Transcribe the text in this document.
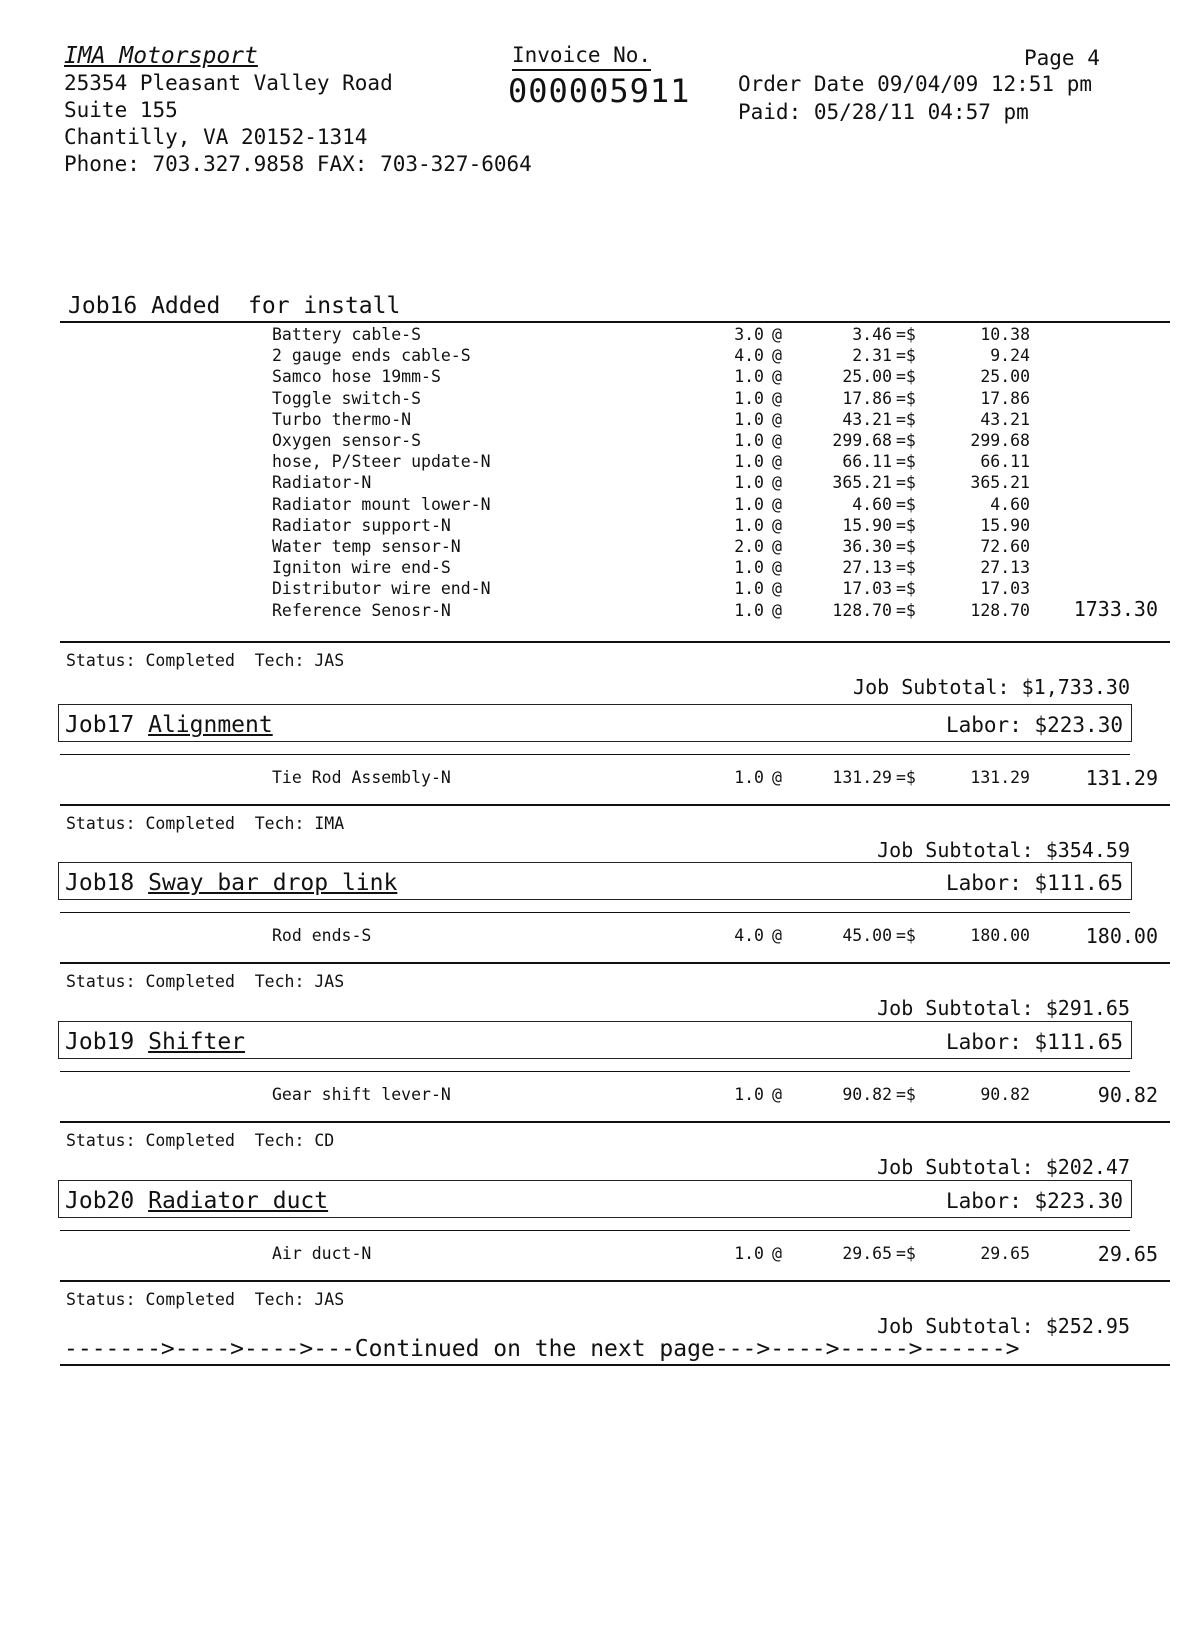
IMA Motorsport
25354 Pleasant Valley Road
Suite 155
Chantilly, VA 20152-1314
Phone: 703.327.9858 FAX: 703-327-6064
Invoice No.
000005911
Page 4
Order Date 09/04/09 12:51 pm
Paid: 05/28/11 04:57 pm
Job16 Added  for install
Battery cable-S	3.0 @	3.46 =$	10.38
2 gauge ends cable-S	4.0 @	2.31 =$	9.24
Samco hose 19mm-S	1.0 @	25.00 =$	25.00
Toggle switch-S	1.0 @	17.86 =$	17.86
Turbo thermo-N	1.0 @	43.21 =$	43.21
Oxygen sensor-S	1.0 @	299.68 =$	299.68
hose, P/Steer update-N	1.0 @	66.11 =$	66.11
Radiator-N	1.0 @	365.21 =$	365.21
Radiator mount lower-N	1.0 @	4.60 =$	4.60
Radiator support-N	1.0 @	15.90 =$	15.90
Water temp sensor-N	2.0 @	36.30 =$	72.60
Igniton wire end-S	1.0 @	27.13 =$	27.13
Distributor wire end-N	1.0 @	17.03 =$	17.03
Reference Senosr-N	1.0 @	128.70 =$	128.70	1733.30
Status: Completed  Tech: JAS
Job Subtotal: $1,733.30
Job17 Alignment	Labor: $223.30
Tie Rod Assembly-N	1.0 @	131.29 =$	131.29	131.29
Status: Completed  Tech: IMA
Job Subtotal: $354.59
Job18 Sway bar drop link	Labor: $111.65
Rod ends-S	4.0 @	45.00 =$	180.00	180.00
Status: Completed  Tech: JAS
Job Subtotal: $291.65
Job19 Shifter	Labor: $111.65
Gear shift lever-N	1.0 @	90.82 =$	90.82	90.82
Status: Completed  Tech: CD
Job Subtotal: $202.47
Job20 Radiator duct	Labor: $223.30
Air duct-N	1.0 @	29.65 =$	29.65	29.65
Status: Completed  Tech: JAS
Job Subtotal: $252.95
------->---->---->---Continued on the next page--->---->----->------>
